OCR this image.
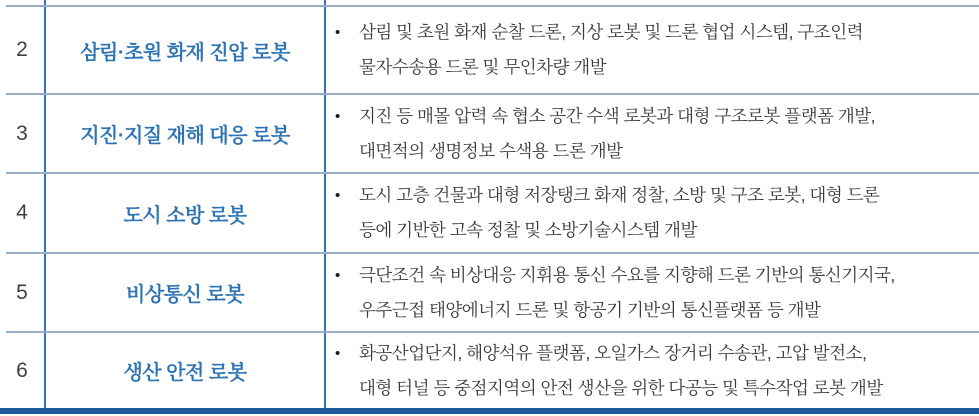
2	삼림·초원 화재 진압 로봇
• 삼림 및 초원 화재 순찰 드론, 지상 로봇 및 드론 협업 시스템, 구조인력
물자수송용 드론 및 무인차량 개발
3	지진·지질 재해 대응 로봇
• 지진 등 매몰 압력 속 협소 공간 수색 로봇과 대형 구조로봇 플랫폼 개발,
대면적의 생명정보 수색용 드론 개발
4	도시 소방 로봇
• 도시 고층 건물과 대형 저장탱크 화재 정찰, 소방 및 구조 로봇, 대형 드론
등에 기반한 고속 정찰 및 소방기술시스템 개발
5	비상통신 로봇
• 극단조건 속 비상대응 지휘용 통신 수요를 지향해 드론 기반의 통신기지국,
우주근접 태양에너지 드론 및 항공기 기반의 통신플랫폼 등 개발
6	생산 안전 로봇
• 화공산업단지, 해양석유 플랫폼, 오일가스 장거리 수송관, 고압 발전소,
대형 터널 등 중점지역의 안전 생산을 위한 다공능 및 특수작업 로봇 개발
